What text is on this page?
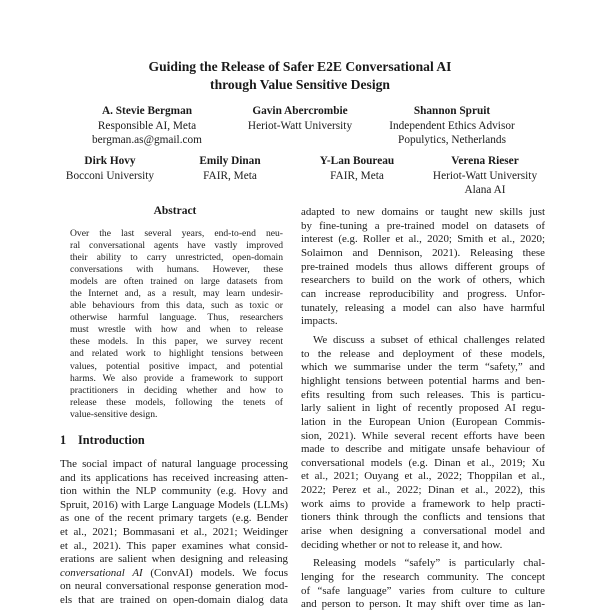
Guiding the Release of Safer E2E Conversational AI
through Value Sensitive Design
A. Stevie Bergman
Responsible AI, Meta
bergman.as@gmail.com
Gavin Abercrombie
Heriot-Watt University
Shannon Spruit
Independent Ethics Advisor
Populytics, Netherlands
Dirk Hovy
Bocconi University
Emily Dinan
FAIR, Meta
Y-Lan Boureau
FAIR, Meta
Verena Rieser
Heriot-Watt University
Alana AI
Abstract
Over the last several years, end-to-end neu-
ral conversational agents have vastly improved
their ability to carry unrestricted, open-domain
conversations with humans. However, these
models are often trained on large datasets from
the Internet and, as a result, may learn undesir-
able behaviours from this data, such as toxic or
otherwise harmful language. Thus, researchers
must wrestle with how and when to release
these models. In this paper, we survey recent
and related work to highlight tensions between
values, potential positive impact, and potential
harms. We also provide a framework to support
practitioners in deciding whether and how to
release these models, following the tenets of
value-sensitive design.
1 Introduction
The social impact of natural language processing
and its applications has received increasing atten-
tion within the NLP community (e.g. Hovy and
Spruit, 2016) with Large Language Models (LLMs)
as one of the recent primary targets (e.g. Bender
et al., 2021; Bommasani et al., 2021; Weidinger
et al., 2021). This paper examines what consid-
erations are salient when designing and releasing
conversational AI (ConvAI) models. We focus
on neural conversational response generation mod-
els that are trained on open-domain dialog data
adapted to new domains or taught new skills just
by fine-tuning a pre-trained model on datasets of
interest (e.g. Roller et al., 2020; Smith et al., 2020;
Solaimon and Dennison, 2021). Releasing these
pre-trained models thus allows different groups of
researchers to build on the work of others, which
can increase reproducibility and progress. Unfor-
tunately, releasing a model can also have harmful
impacts.
We discuss a subset of ethical challenges related
to the release and deployment of these models,
which we summarise under the term “safety,” and
highlight tensions between potential harms and ben-
efits resulting from such releases. This is particu-
larly salient in light of recently proposed AI regu-
lation in the European Union (European Commis-
sion, 2021). While several recent efforts have been
made to describe and mitigate unsafe behaviour of
conversational models (e.g. Dinan et al., 2019; Xu
et al., 2021; Ouyang et al., 2022; Thoppilan et al.,
2022; Perez et al., 2022; Dinan et al., 2022), this
work aims to provide a framework to help practi-
tioners think through the conflicts and tensions that
arise when designing a conversational model and
deciding whether or not to release it, and how.
Releasing models “safely” is particularly chal-
lenging for the research community. The concept
of “safe language” varies from culture to culture
and person to person. It may shift over time as lan-
